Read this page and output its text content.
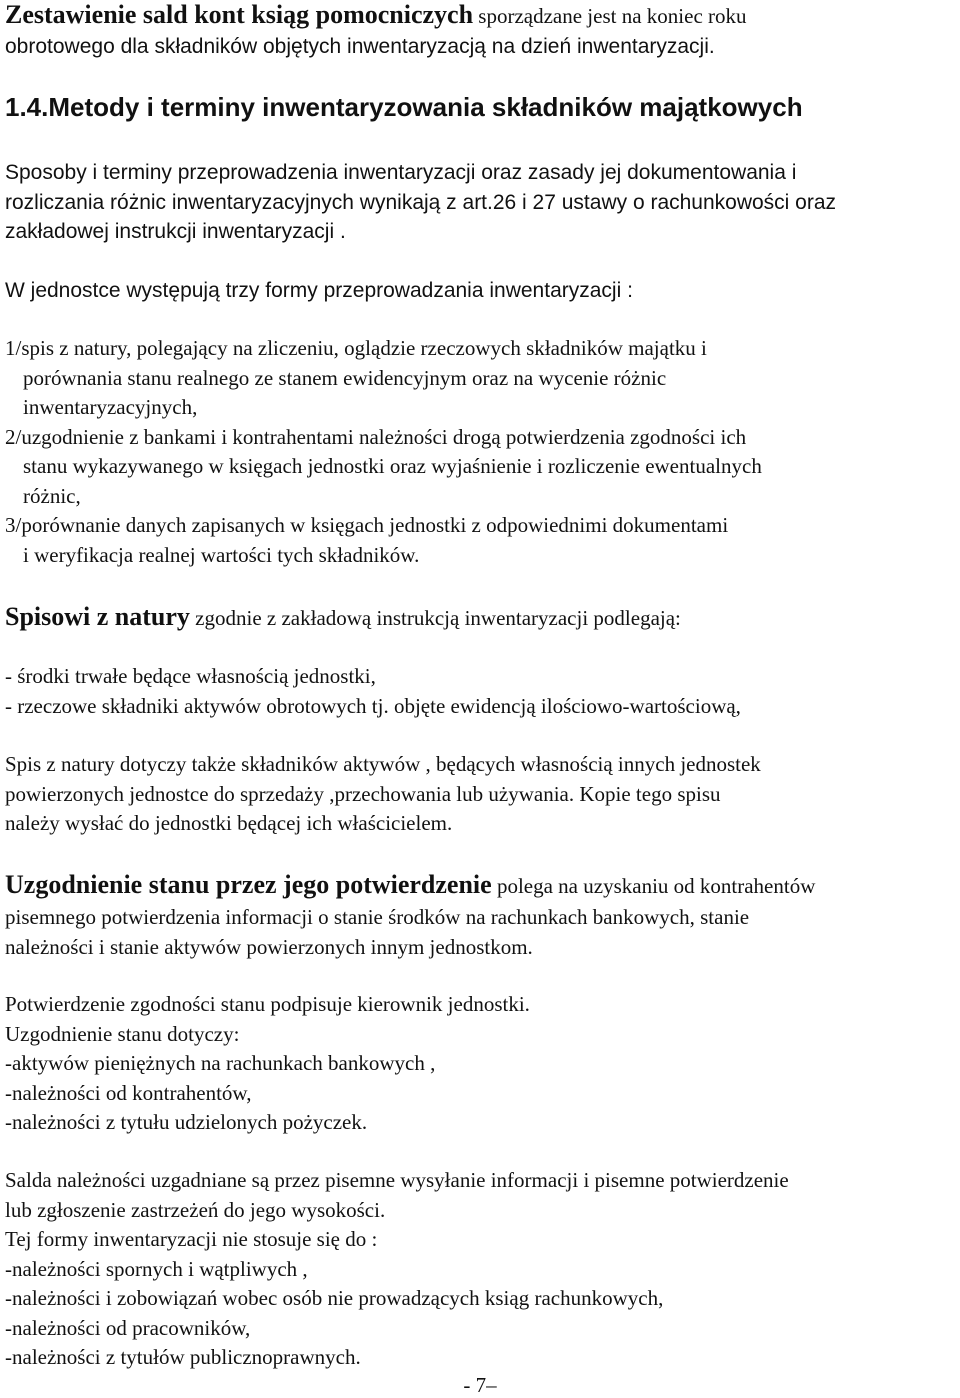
Zestawienie sald kont ksiąg pomocniczych sporządzane jest na koniec roku

obrotowego dla składników objętych inwentaryzacją na dzień inwentaryzacji.

1.4.Metody i terminy inwentaryzowania składników majątkowych

Sposoby i terminy przeprowadzenia inwentaryzacji oraz zasady jej dokumentowania i

rozliczania różnic inwentaryzacyjnych wynikają z art.26 i 27 ustawy o rachunkowości oraz

zakładowej instrukcji inwentaryzacji .

W jednostce występują trzy formy przeprowadzania inwentaryzacji :

1/spis z natury, polegający na zliczeniu, oglądzie rzeczowych składników majątku i

porównania stanu realnego ze stanem ewidencyjnym oraz na wycenie różnic

inwentaryzacyjnych,

2/uzgodnienie z bankami i kontrahentami należności drogą potwierdzenia zgodności ich

stanu wykazywanego w księgach jednostki oraz wyjaśnienie i rozliczenie ewentualnych

różnic,

3/porównanie danych zapisanych w księgach jednostki z odpowiednimi dokumentami

i weryfikacja realnej wartości tych składników.

Spisowi z natury zgodnie z zakładową instrukcją inwentaryzacji podlegają:

- środki trwałe będące własnością jednostki,

- rzeczowe składniki aktywów obrotowych tj. objęte ewidencją ilościowo-wartościową,

Spis z natury dotyczy także składników aktywów , będących własnością innych jednostek

powierzonych jednostce do sprzedaży ,przechowania lub używania. Kopie tego spisu

należy wysłać do jednostki będącej ich właścicielem.

Uzgodnienie stanu przez jego potwierdzenie polega na uzyskaniu od kontrahentów

pisemnego potwierdzenia informacji o stanie środków na rachunkach bankowych, stanie

należności i stanie aktywów powierzonych innym jednostkom.

Potwierdzenie zgodności stanu podpisuje kierownik jednostki.

Uzgodnienie stanu dotyczy:

-aktywów pieniężnych na rachunkach bankowych ,

-należności od kontrahentów,

-należności z tytułu udzielonych pożyczek.

Salda należności uzgadniane są przez pisemne wysyłanie informacji i pisemne potwierdzenie

lub zgłoszenie zastrzeżeń do jego wysokości.

Tej formy inwentaryzacji nie stosuje się do :

-należności spornych i wątpliwych ,

-należności i zobowiązań wobec osób nie prowadzących ksiąg rachunkowych,

-należności od pracowników,

-należności z tytułów publicznoprawnych.

- 7–
